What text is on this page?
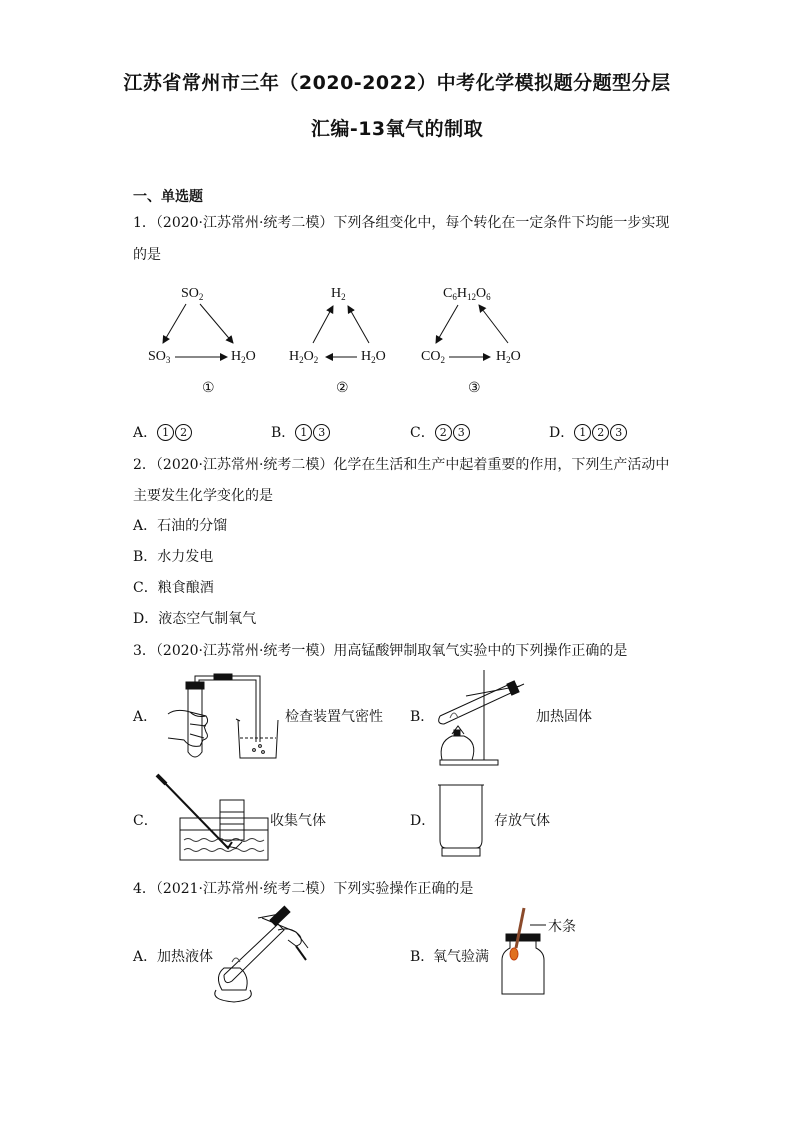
江苏省常州市三年（2020-2022）中考化学模拟题分题型分层
汇编-13氧气的制取
一、单选题
1．（2020·江苏常州·统考二模）下列各组变化中，每个转化在一定条件下均能一步实现
的是
$SO_2$
$SO_3$	$H_2O$
①
$H_2$
$H_2O_2$	$H_2O$
②
$C_6H_{12}O_6$
$CO_2$	$H_2O$
③
A． 1 2	B． 1 3	C． 2 3	D． 1 2 3
2．（2020·江苏常州·统考二模）化学在生活和生产中起着重要的作用，下列生产活动中
主要发生化学变化的是
A．石油的分馏
B．水力发电
C．粮食酿酒
D．液态空气制氧气
3．（2020·江苏常州·统考一模）用高锰酸钾制取氧气实验中的下列操作正确的是
A．	检查装置气密性 B．	加热固体
C．	收集气体	D．	存放气体
4．（2021·江苏常州·统考二模）下列实验操作正确的是
A． 加热液体	B．
氧气验满
木条
